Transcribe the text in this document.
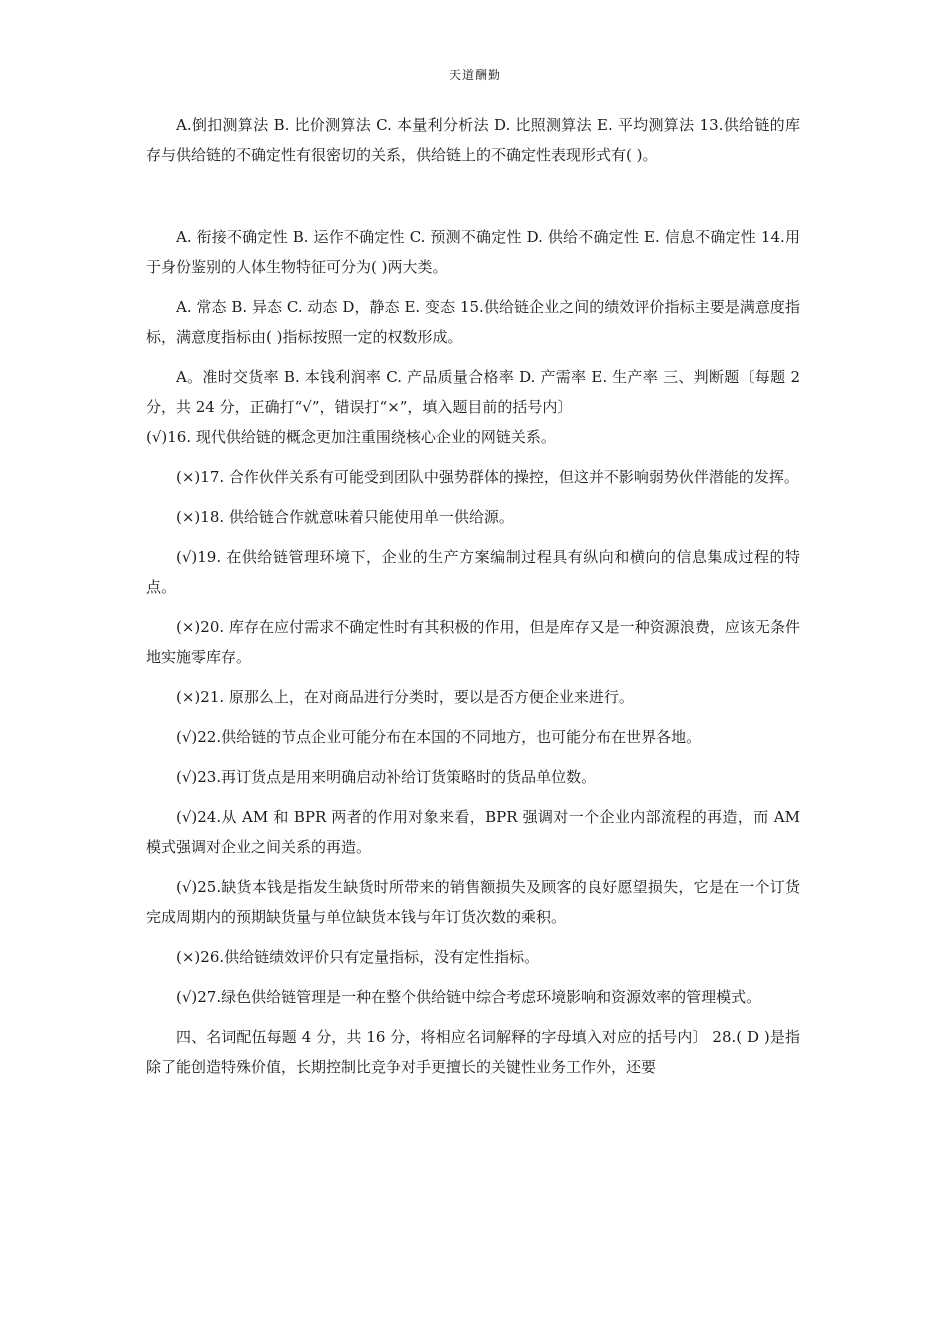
天道酬勤

A.倒扣测算法 B. 比价测算法 C. 本量利分析法 D. 比照测算法 E. 平均测算法 13.供给链的库存与供给链的不确定性有很密切的关系，供给链上的不确定性表现形式有( )。

A. 衔接不确定性 B. 运作不确定性 C. 预测不确定性 D. 供给不确定性 E. 信息不确定性 14.用于身份鉴别的人体生物特征可分为( )两大类。

A. 常态 B. 异态 C. 动态 D，静态 E. 变态 15.供给链企业之间的绩效评价指标主要是满意度指标，满意度指标由( )指标按照一定的权数形成。

A。准时交货率 B. 本钱利润率 C. 产品质量合格率 D. 产需率 E. 生产率 三、判断题〔每题 2 分，共 24 分，正确打“√”，错误打“×”，填入题目前的括号内〕

(√)16. 现代供给链的概念更加注重围绕核心企业的网链关系。

(×)17. 合作伙伴关系有可能受到团队中强势群体的操控，但这并不影响弱势伙伴潜能的发挥。

(×)18. 供给链合作就意味着只能使用单一供给源。

(√)19. 在供给链管理环境下，企业的生产方案编制过程具有纵向和横向的信息集成过程的特点。

(×)20. 库存在应付需求不确定性时有其积极的作用，但是库存又是一种资源浪费，应该无条件地实施零库存。

(×)21. 原那么上，在对商品进行分类时，要以是否方便企业来进行。

(√)22.供给链的节点企业可能分布在本国的不同地方，也可能分布在世界各地。

(√)23.再订货点是用来明确启动补给订货策略时的货品单位数。

(√)24.从 AM 和 BPR 两者的作用对象来看，BPR 强调对一个企业内部流程的再造，而 AM 模式强调对企业之间关系的再造。

(√)25.缺货本钱是指发生缺货时所带来的销售额损失及顾客的良好愿望损失，它是在一个订货完成周期内的预期缺货量与单位缺货本钱与年订货次数的乘积。

(×)26.供给链绩效评价只有定量指标，没有定性指标。

(√)27.绿色供给链管理是一种在整个供给链中综合考虑环境影响和资源效率的管理模式。

四、名词配伍每题 4 分，共 16 分，将相应名词解释的字母填入对应的括号内〕 28.( D )是指除了能创造特殊价值，长期控制比竞争对手更擅长的关键性业务工作外，还要
